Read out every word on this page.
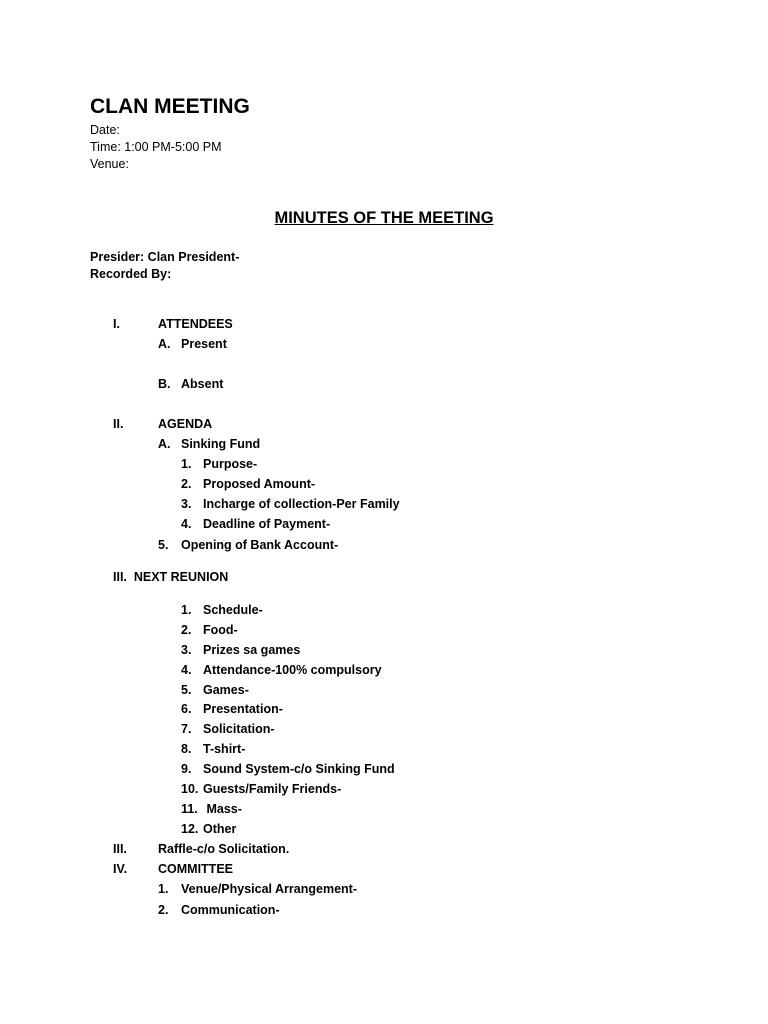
CLAN MEETING
Date:
Time: 1:00 PM-5:00 PM
Venue:
MINUTES OF THE MEETING
Presider: Clan President-
Recorded By:
I.	ATTENDEES
A. Present
B. Absent
II.	AGENDA
A. Sinking Fund
1. Purpose-
2. Proposed Amount-
3. Incharge of collection-Per Family
4. Deadline of Payment-
5. Opening of Bank Account-
III.  NEXT REUNION
1. Schedule-
2. Food-
3. Prizes sa games
4. Attendance-100% compulsory
5. Games-
6. Presentation-
7. Solicitation-
8. T-shirt-
9. Sound System-c/o Sinking Fund
10. Guests/Family Friends-
11. Mass-
12. Other
III. Raffle-c/o Solicitation.
IV. COMMITTEE
1. Venue/Physical Arrangement-
2. Communication-
